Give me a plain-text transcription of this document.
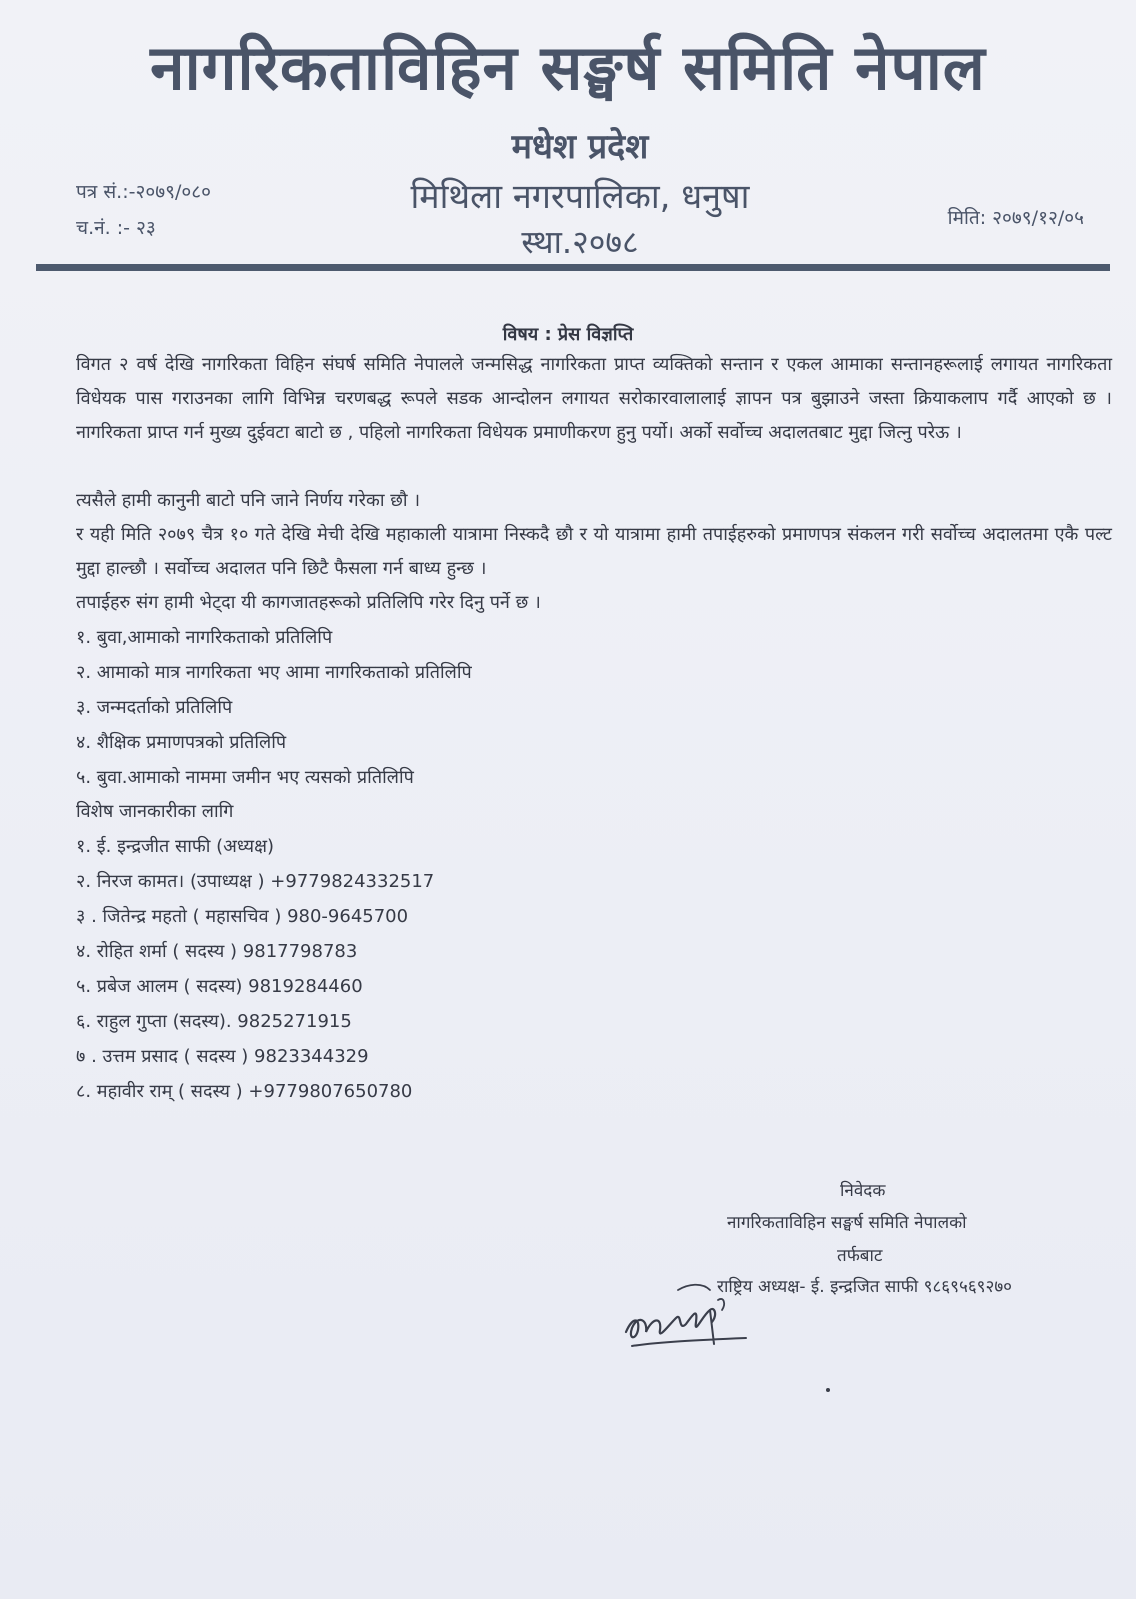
नागरिकताविहिन सङ्घर्ष समिति नेपाल
मधेश प्रदेश
मिथिला नगरपालिका, धनुषा
स्था.२०७८
पत्र सं.:-२०७९/०८०
च.नं. :- २३	मिति: २०७९/१२/०५
विषय : प्रेस विज्ञप्ति
विगत २ वर्ष देखि नागरिकता विहिन संघर्ष समिति नेपालले जन्मसिद्ध नागरिकता प्राप्त व्यक्तिको सन्तान र एकल आमाका सन्तानहरूलाई लगायत नागरिकता विधेयक पास गराउनका लागि विभिन्न चरणबद्ध रूपले सडक आन्दोलन लगायत सरोकारवालालाई ज्ञापन पत्र बुझाउने जस्ता क्रियाकलाप गर्दै आएको छ । नागरिकता प्राप्त गर्न मुख्य दुईवटा बाटो छ , पहिलो नागरिकता विधेयक प्रमाणीकरण हुनु पर्यो। अर्को सर्वोच्च अदालतबाट मुद्दा जित्नु परेऊ ।
त्यसैले हामी कानुनी बाटो पनि जाने निर्णय गरेका छौ ।
र यही मिति २०७९ चैत्र १० गते देखि मेची देखि महाकाली यात्रामा निस्कदै छौ र यो यात्रामा हामी तपाईहरुको प्रमाणपत्र संकलन गरी सर्वोच्च अदालतमा एकै पल्ट मुद्दा हाल्छौ । सर्वोच्च अदालत पनि छिटै फैसला गर्न बाध्य हुन्छ ।
तपाईहरु संग हामी भेट्दा यी कागजातहरूको प्रतिलिपि गरेर दिनु पर्ने छ ।
१. बुवा,आमाको नागरिकताको प्रतिलिपि
२. आमाको मात्र नागरिकता भए आमा नागरिकताको प्रतिलिपि
३. जन्मदर्ताको प्रतिलिपि
४. शैक्षिक प्रमाणपत्रको प्रतिलिपि
५. बुवा.आमाको नाममा जमीन भए त्यसको प्रतिलिपि
विशेष जानकारीका लागि
१. ई. इन्द्रजीत साफी (अध्यक्ष)
२. निरज कामत। (उपाध्यक्ष ) +9779824332517
३ . जितेन्द्र महतो ( महासचिव ) 980-9645700
४. रोहित शर्मा ( सदस्य ) 9817798783
५. प्रबेज आलम ( सदस्य) 9819284460
६. राहुल गुप्ता (सदस्य). 9825271915
७ . उत्तम प्रसाद ( सदस्य ) 9823344329
८. महावीर राम् ( सदस्य ) +9779807650780
निवेदक
नागरिकताविहिन सङ्घर्ष समिति नेपालको
तर्फबाट
राष्ट्रिय अध्यक्ष- ई. इन्द्रजित साफी ९८६९५६९२७०
